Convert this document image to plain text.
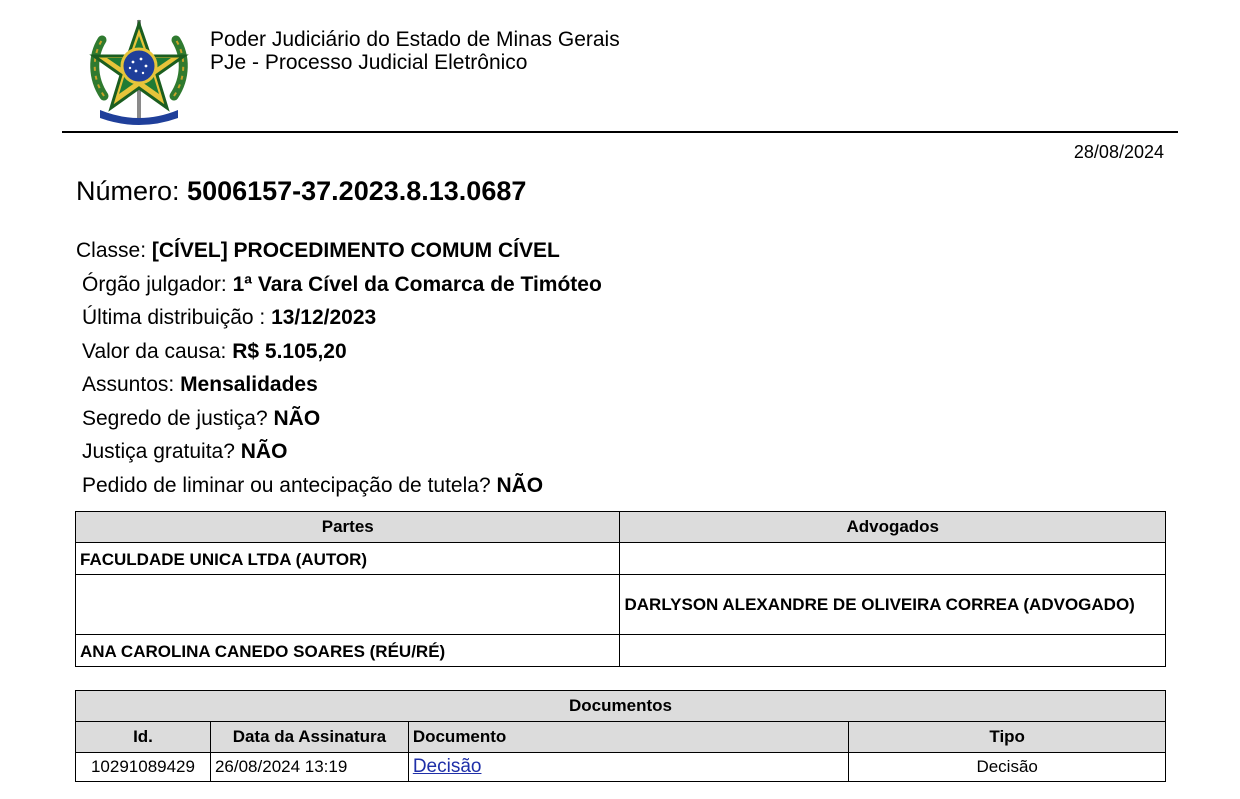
Poder Judiciário do Estado de Minas Gerais
PJe - Processo Judicial Eletrônico
28/08/2024
Número: 5006157-37.2023.8.13.0687
Classe: [CÍVEL] PROCEDIMENTO COMUM CÍVEL
Órgão julgador: 1ª Vara Cível da Comarca de Timóteo
Última distribuição : 13/12/2023
Valor da causa: R$ 5.105,20
Assuntos: Mensalidades
Segredo de justiça? NÃO
Justiça gratuita? NÃO
Pedido de liminar ou antecipação de tutela? NÃO
Partes	Advogados
FACULDADE UNICA LTDA (AUTOR)	
	DARLYSON ALEXANDRE DE OLIVEIRA CORREA (ADVOGADO)
ANA CAROLINA CANEDO SOARES (RÉU/RÉ)	
Documentos			
Id.	Data da Assinatura	Documento	Tipo
10291089429	26/08/2024 13:19	Decisão	Decisão
